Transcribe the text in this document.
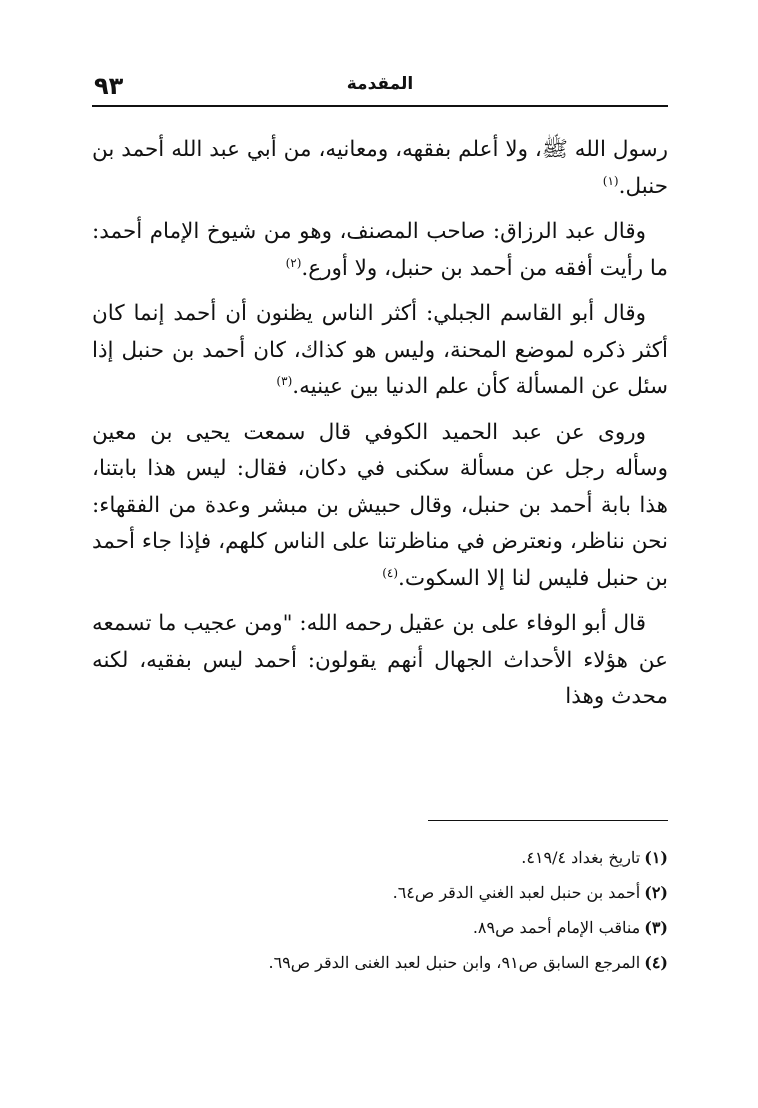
المقدمة
٩٣

رسول الله ﷺ، ولا أعلم بفقهه، ومعانيه، من أبي عبد الله أحمد بن حنبل.$^{(١)}$

وقال عبد الرزاق: صاحب المصنف، وهو من شيوخ الإمام أحمد: ما رأيت أفقه من أحمد بن حنبل، ولا أورع.$^{(٢)}$

وقال أبو القاسم الجبلي: أكثر الناس يظنون أن أحمد إنما كان أكثر ذكره لموضع المحنة، وليس هو كذاك، كان أحمد بن حنبل إذا سئل عن المسألة كأن علم الدنيا بين عينيه.$^{(٣)}$

وروى عن عبد الحميد الكوفي قال سمعت يحيى بن معين وسأله رجل عن مسألة سكنى في دكان، فقال: ليس هذا بابتنا، هذا بابة أحمد بن حنبل، وقال حبيش بن مبشر وعدة من الفقهاء: نحن نناظر، ونعترض في مناظرتنا على الناس كلهم، فإذا جاء أحمد بن حنبل فليس لنا إلا السكوت.$^{(٤)}$

قال أبو الوفاء على بن عقيل رحمه الله: "ومن عجيب ما تسمعه عن هؤلاء الأحداث الجهال أنهم يقولون: أحمد ليس بفقيه، لكنه محدث وهذا

(١)تاريخ بغداد ٤١٩/٤.
(٢)أحمد بن حنبل لعبد الغني الدقر ص٦٤.
(٣)مناقب الإمام أحمد ص٨٩.
(٤)المرجع السابق ص٩١، وابن حنبل لعبد الغنى الدقر ص٦٩.
